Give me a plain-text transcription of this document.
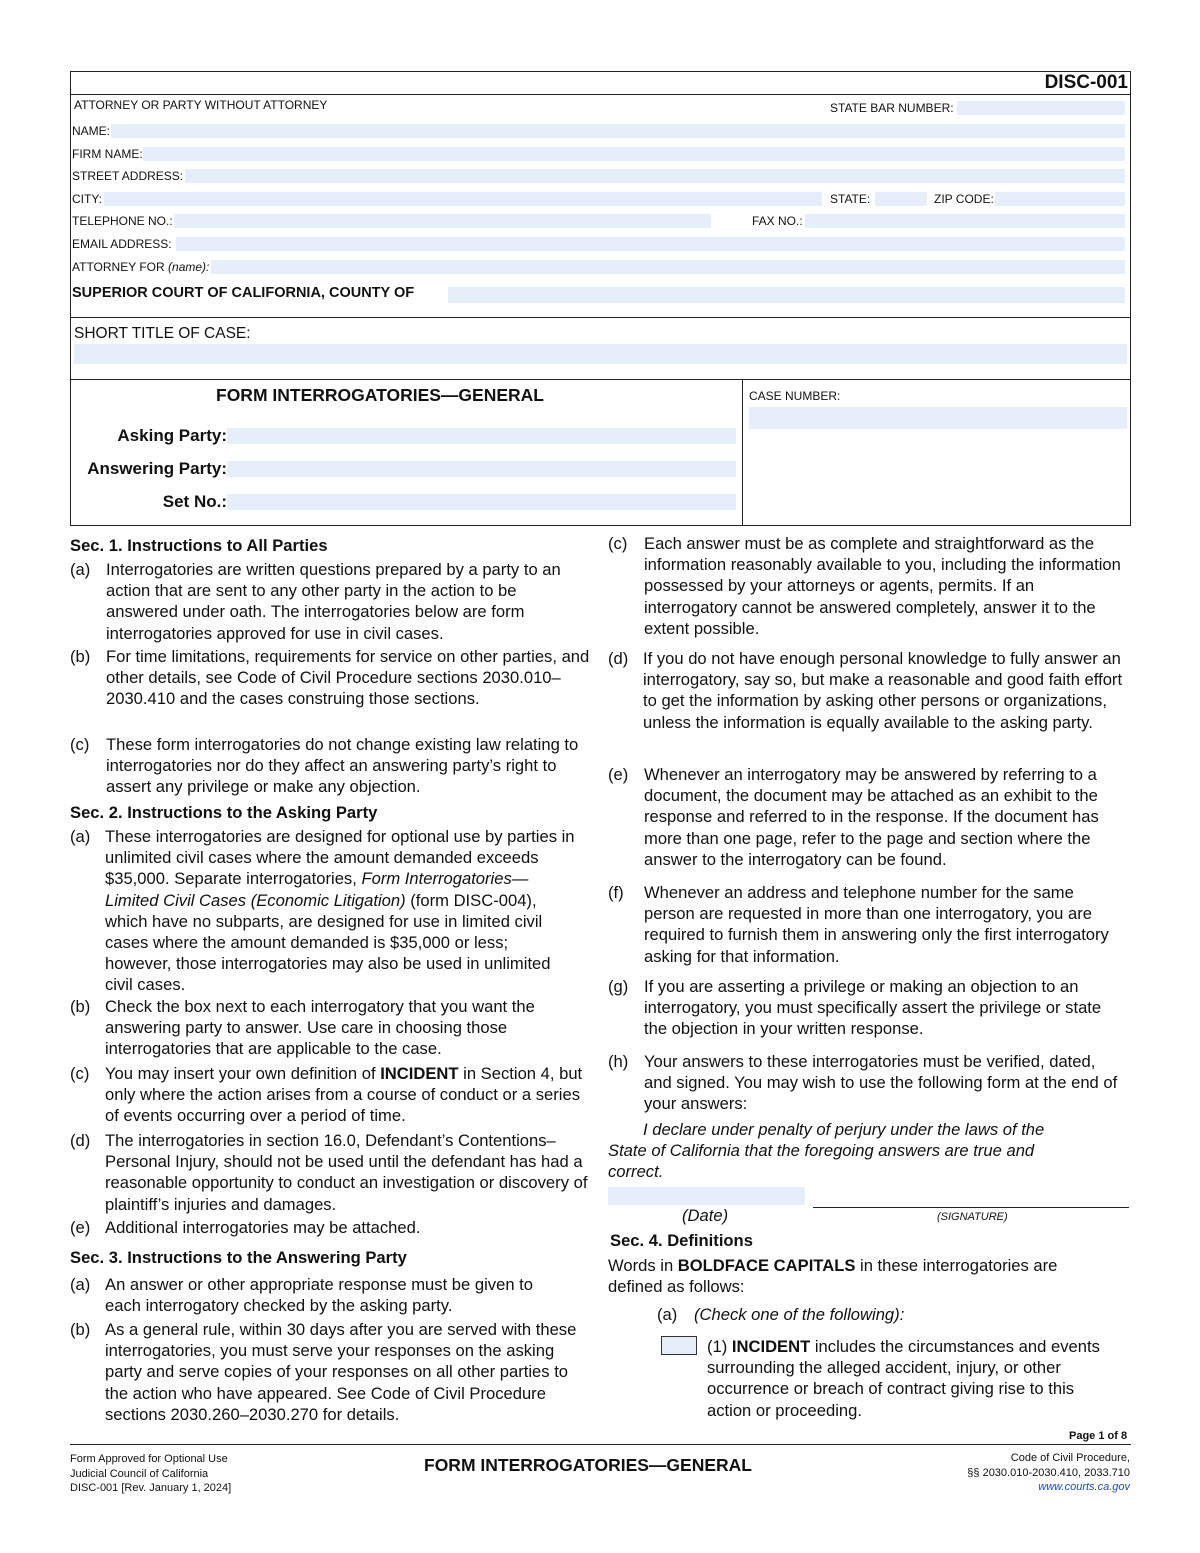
DISC-001
ATTORNEY OR PARTY WITHOUT ATTORNEY	STATE BAR NUMBER:
NAME:
FIRM NAME:
STREET ADDRESS:
CITY:	STATE:	ZIP CODE:
TELEPHONE NO.:	FAX NO.:
EMAIL ADDRESS:
ATTORNEY FOR (name):
SUPERIOR COURT OF CALIFORNIA, COUNTY OF
SHORT TITLE OF CASE:
FORM INTERROGATORIES—GENERAL	CASE NUMBER:
Asking Party:
Answering Party:
Set No.:
Sec. 1. Instructions to All Parties
(a) Interrogatories are written questions prepared by a party to an action that are sent to any other party in the action to be answered under oath. The interrogatories below are form interrogatories approved for use in civil cases.
(b) For time limitations, requirements for service on other parties, and other details, see Code of Civil Procedure sections 2030.010–2030.410 and the cases construing those sections.
(c) These form interrogatories do not change existing law relating to interrogatories nor do they affect an answering party’s right to assert any privilege or make any objection.
Sec. 2. Instructions to the Asking Party
(a) These interrogatories are designed for optional use by parties in unlimited civil cases where the amount demanded exceeds $35,000. Separate interrogatories, Form Interrogatories—Limited Civil Cases (Economic Litigation) (form DISC-004), which have no subparts, are designed for use in limited civil cases where the amount demanded is $35,000 or less; however, those interrogatories may also be used in unlimited civil cases.
(b) Check the box next to each interrogatory that you want the answering party to answer. Use care in choosing those interrogatories that are applicable to the case.
(c) You may insert your own definition of INCIDENT in Section 4, but only where the action arises from a course of conduct or a series of events occurring over a period of time.
(d) The interrogatories in section 16.0, Defendant’s Contentions–Personal Injury, should not be used until the defendant has had a reasonable opportunity to conduct an investigation or discovery of plaintiff’s injuries and damages.
(e) Additional interrogatories may be attached.
Sec. 3. Instructions to the Answering Party
(a) An answer or other appropriate response must be given to each interrogatory checked by the asking party.
(b) As a general rule, within 30 days after you are served with these interrogatories, you must serve your responses on the asking party and serve copies of your responses on all other parties to the action who have appeared. See Code of Civil Procedure sections 2030.260–2030.270 for details.
(c) Each answer must be as complete and straightforward as the information reasonably available to you, including the information possessed by your attorneys or agents, permits. If an interrogatory cannot be answered completely, answer it to the extent possible.
(d) If you do not have enough personal knowledge to fully answer an interrogatory, say so, but make a reasonable and good faith effort to get the information by asking other persons or organizations, unless the information is equally available to the asking party.
(e) Whenever an interrogatory may be answered by referring to a document, the document may be attached as an exhibit to the response and referred to in the response. If the document has more than one page, refer to the page and section where the answer to the interrogatory can be found.
(f) Whenever an address and telephone number for the same person are requested in more than one interrogatory, you are required to furnish them in answering only the first interrogatory asking for that information.
(g) If you are asserting a privilege or making an objection to an interrogatory, you must specifically assert the privilege or state the objection in your written response.
(h) Your answers to these interrogatories must be verified, dated, and signed. You may wish to use the following form at the end of your answers:
I declare under penalty of perjury under the laws of the State of California that the foregoing answers are true and correct.
(Date)	(SIGNATURE)
Sec. 4. Definitions
Words in BOLDFACE CAPITALS in these interrogatories are defined as follows:
(a) (Check one of the following):
(1) INCIDENT includes the circumstances and events surrounding the alleged accident, injury, or other occurrence or breach of contract giving rise to this action or proceeding.
Page 1 of 8
Form Approved for Optional Use
Judicial Council of California
DISC-001 [Rev. January 1, 2024]
FORM INTERROGATORIES—GENERAL	Code of Civil Procedure,
§§ 2030.010-2030.410, 2033.710
www.courts.ca.gov
